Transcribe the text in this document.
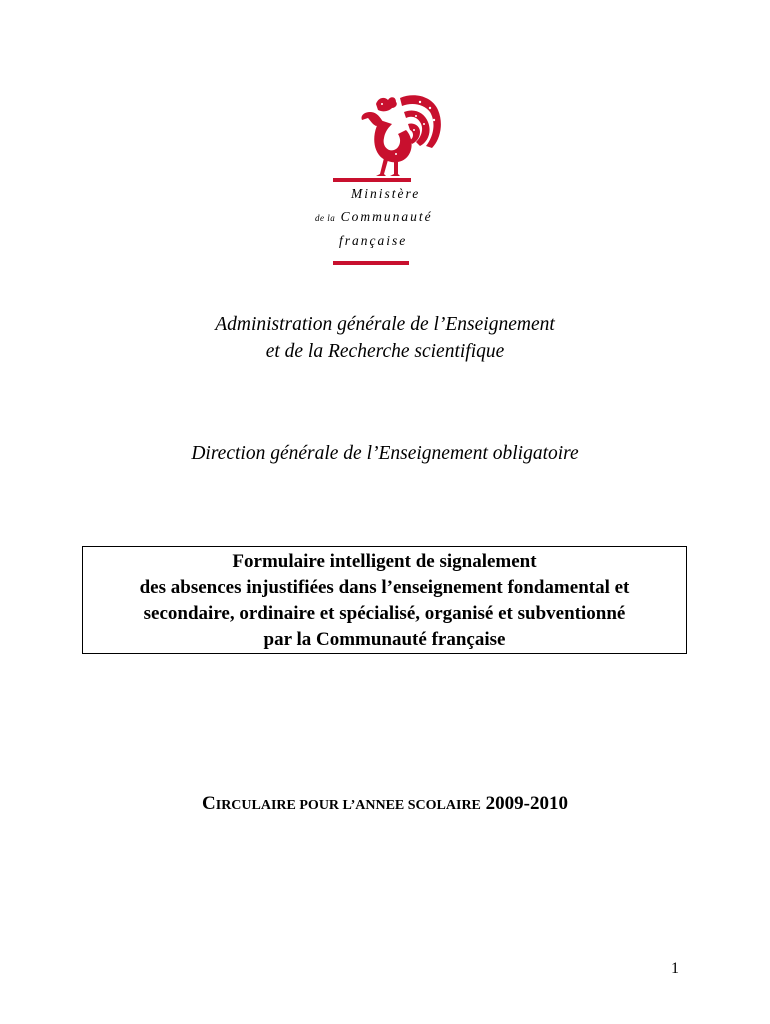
Ministère
de la Communauté
française
Administration générale de l’Enseignement
et de la Recherche scientifique
Direction générale de l’Enseignement obligatoire
Formulaire intelligent de signalement
des absences injustifiées dans l’enseignement fondamental et
secondaire, ordinaire et spécialisé, organisé et subventionné
par la Communauté française
CIRCULAIRE POUR L’ANNEE SCOLAIRE 2009-2010
1
